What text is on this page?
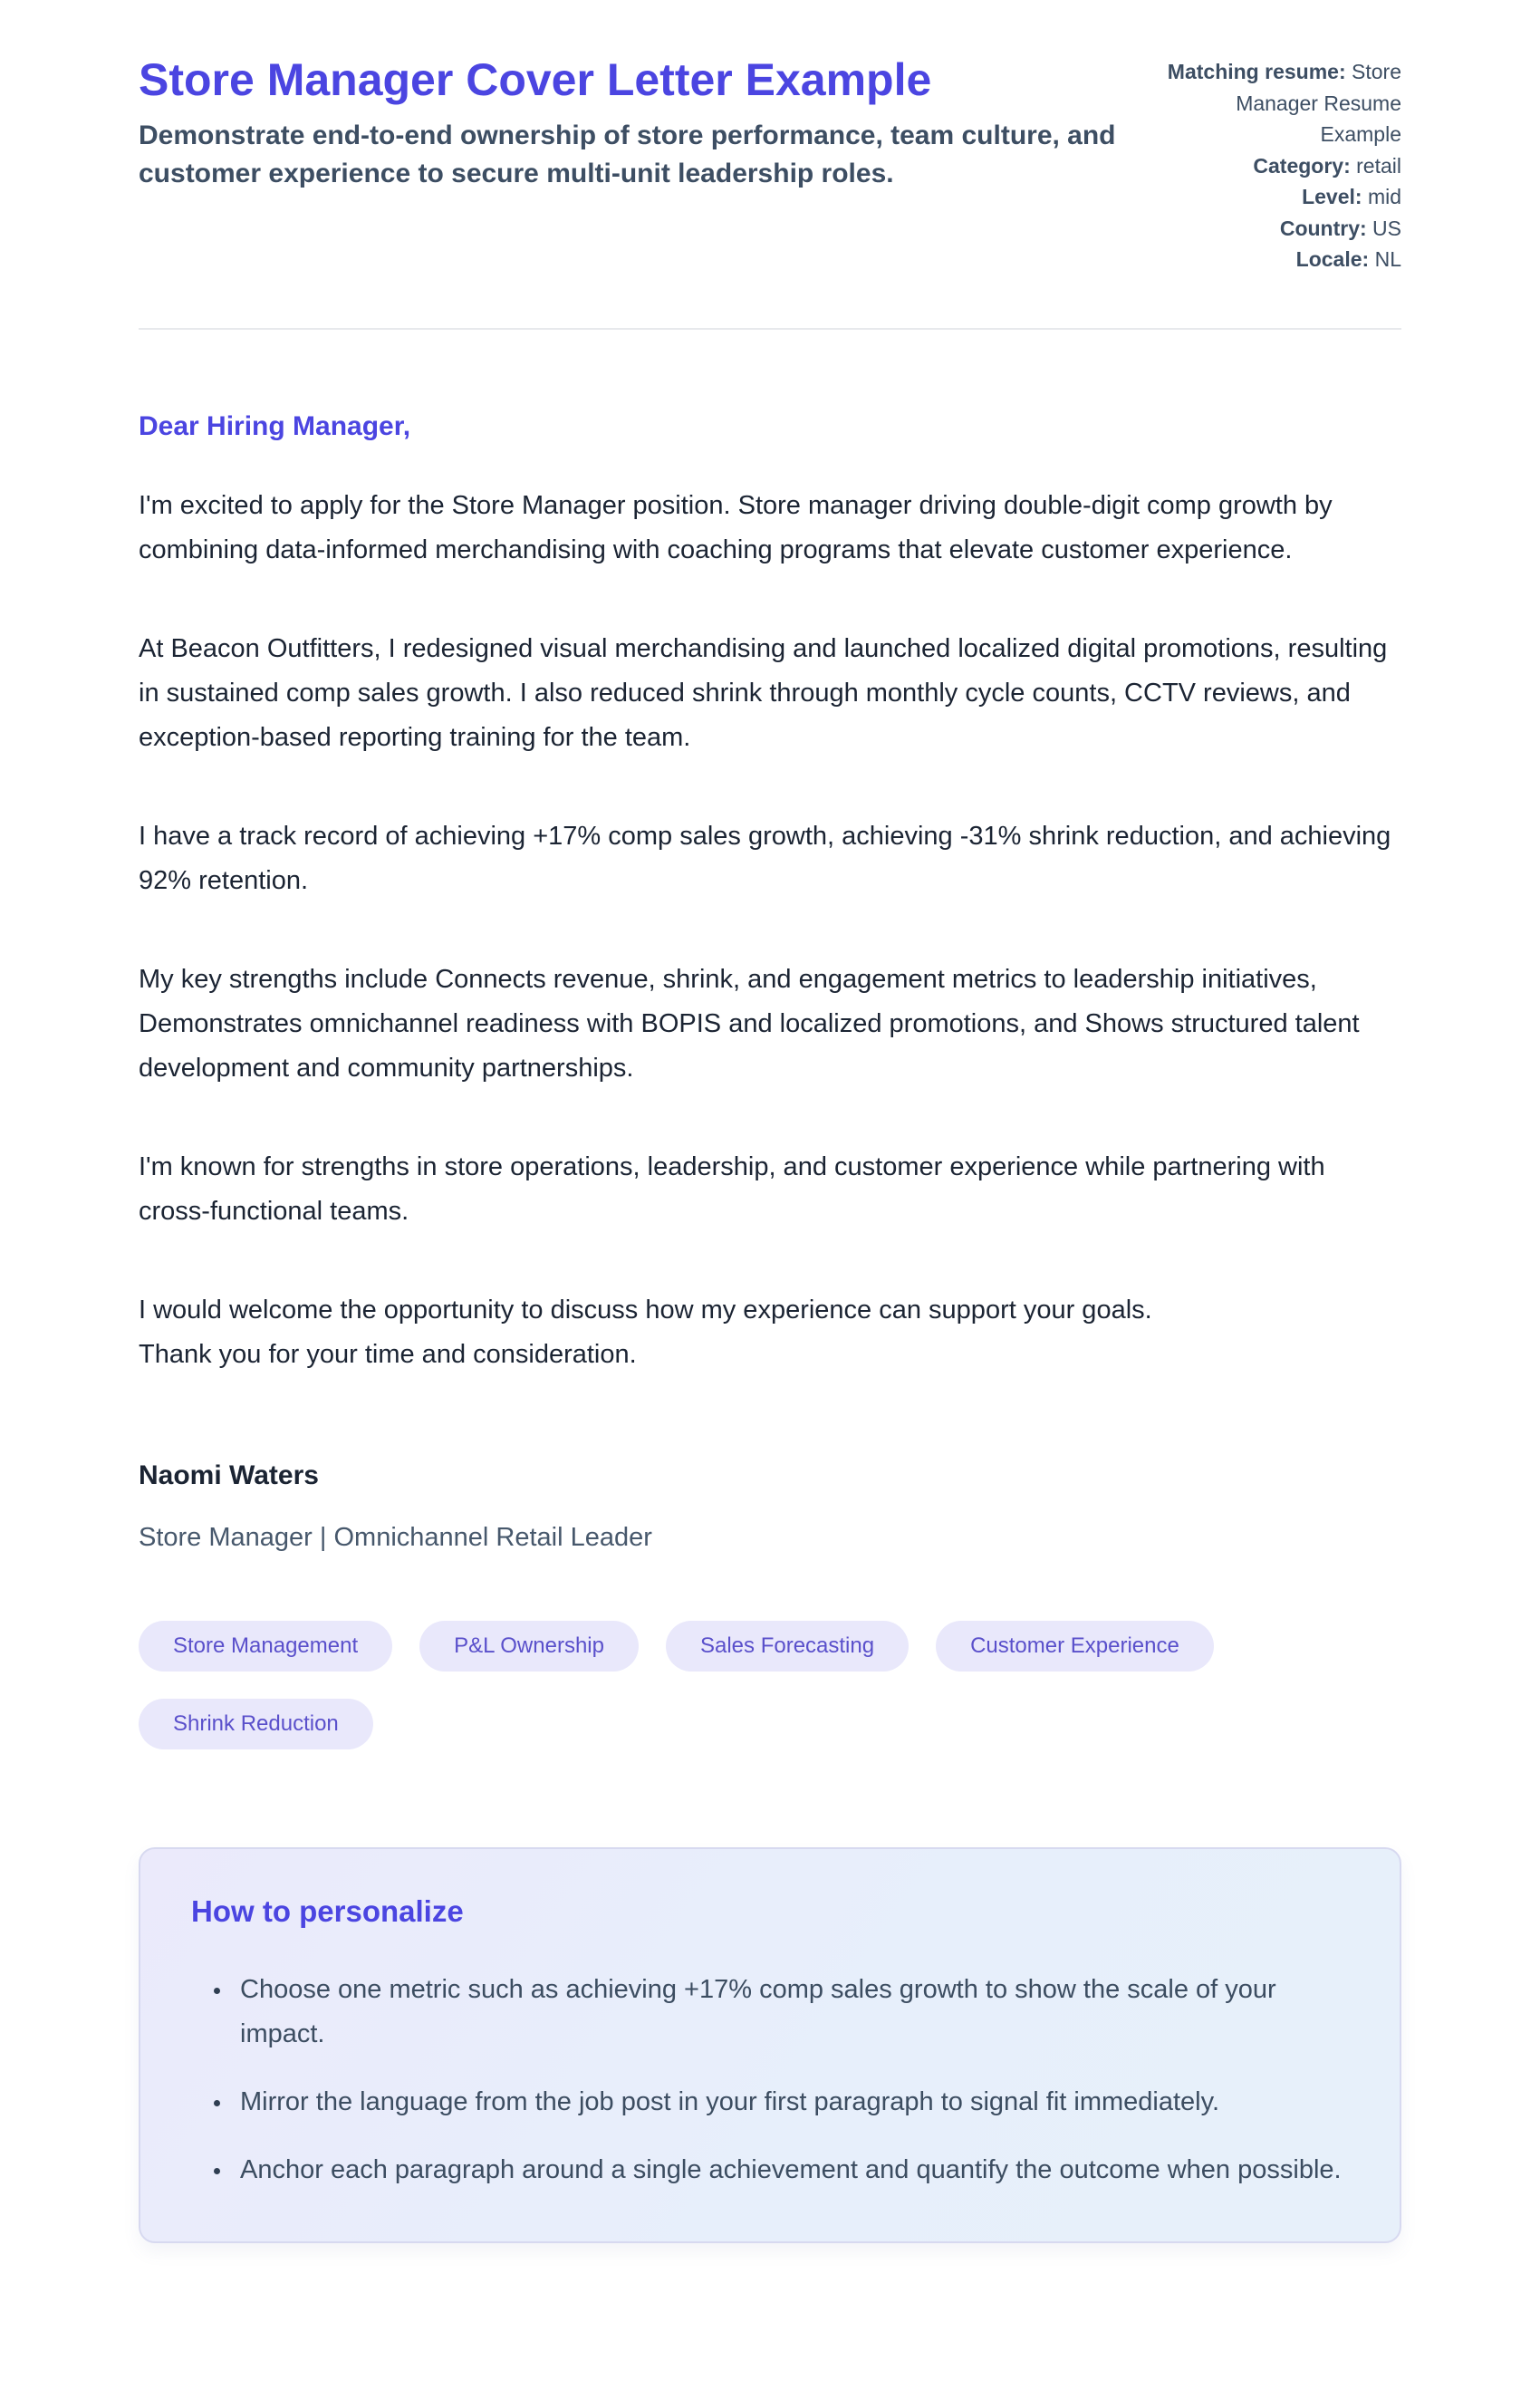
Store Manager Cover Letter Example
Demonstrate end-to-end ownership of store performance, team culture, and customer experience to secure multi-unit leadership roles.
Matching resume: Store Manager Resume Example
Category: retail
Level: mid
Country: US
Locale: NL
Dear Hiring Manager,

I'm excited to apply for the Store Manager position. Store manager driving double-digit comp growth by combining data-informed merchandising with coaching programs that elevate customer experience.

At Beacon Outfitters, I redesigned visual merchandising and launched localized digital promotions, resulting in sustained comp sales growth. I also reduced shrink through monthly cycle counts, CCTV reviews, and exception-based reporting training for the team.

I have a track record of achieving +17% comp sales growth, achieving -31% shrink reduction, and achieving 92% retention.

My key strengths include Connects revenue, shrink, and engagement metrics to leadership initiatives, Demonstrates omnichannel readiness with BOPIS and localized promotions, and Shows structured talent development and community partnerships.

I'm known for strengths in store operations, leadership, and customer experience while partnering with cross-functional teams.

I would welcome the opportunity to discuss how my experience can support your goals.

Thank you for your time and consideration.

Naomi Waters
Store Manager | Omnichannel Retail Leader
Store Management	P&L Ownership	Sales Forecasting	Customer Experience
Shrink Reduction
How to personalize
• Choose one metric such as achieving +17% comp sales growth to show the scale of your impact.
• Mirror the language from the job post in your first paragraph to signal fit immediately.
• Anchor each paragraph around a single achievement and quantify the outcome when possible.
